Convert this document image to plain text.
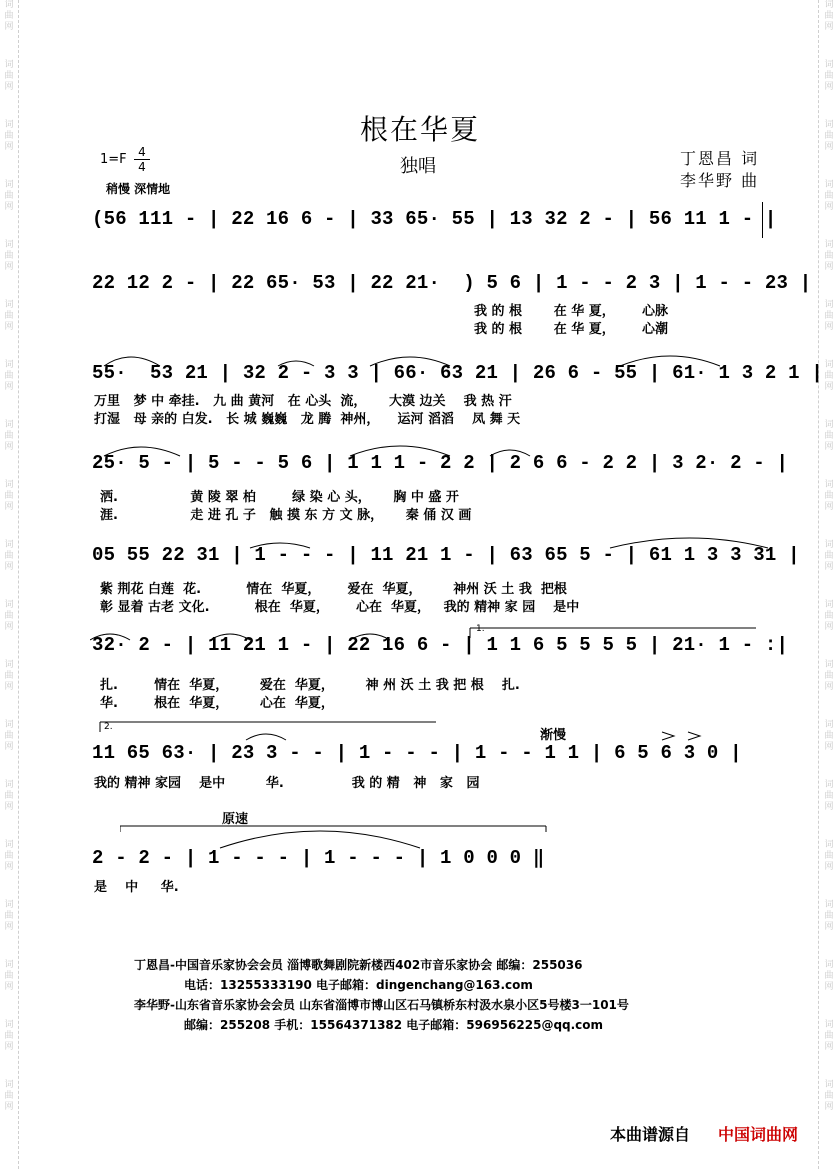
词
曲
网
词
曲
网
词
曲
网
词
曲
网
词
曲
网
词
曲
网
词
曲
网
词
曲
网
词
曲
网
词
曲
网
词
曲
网
词
曲
网
词
曲
网
词
曲
网
词
曲
网
词
曲
网
词
曲
网
词
曲
网
词
曲
网
词
曲
网
词
曲
网
词
曲
网
词
曲
网
词
曲
网
词
曲
网
词
曲
网
词
曲
网
词
曲
网
词
曲
网
词
曲
网
词
曲
网
词
曲
网
词
曲
网
词
曲
网
词
曲
网
词
曲
网
词
曲
网
词
曲
网
根在华夏
$1=F \frac{4}{4}$	独唱
稍慢 深情地
丁恩昌 词
李华野 曲
(56 111 - | 22 16 6 - | 33 65· 55 | 13 32 2 - | 56 11 1 - |
22 12 2 - | 22 65· 53 | 22 21·  ) 5 6 | 1 - - 2 3 | 1 - - 23 |
我 的 根       在 华 夏，      心脉
我 的 根       在 华 夏，      心潮
55·  53 21 | 32 2 - 3 3 | 66· 63 21 | 26 6 - 55 | 61· 1 3 2 1 |
万里   梦 中 牵挂.   九 曲 黄河   在 心头  流，     大漠 边关    我 热 汗
打湿   母 亲的 白发.   长 城 巍巍   龙 腾  神州，    运河 滔滔    凤 舞 天
25· 5 - | 5 - - 5 6 | 1 1 1 - 2 2 | 2 6 6 - 2 2 | 3 2· 2 - |
洒.                黄 陵 翠 柏        绿 染 心 头，     胸 中 盛 开
涯.                走 进 孔 子   触 摸 东 方 文 脉，     秦 俑 汉 画
05 55 22 31 | 1 - - - | 11 21 1 - | 63 65 5 - | 61 1 3 3 31 |
紫 荆花 白莲  花.          情在  华夏，      爱在  华夏，       神州 沃 土 我  把根
彰 显着 古老 文化.          根在  华夏，      心在  华夏，   我的 精神 家 园    是中
1.
32· 2 - | 11 21 1 - | 22 16 6 - | 1 1 6 5 5 5 5 | 21· 1 - :|
扎.        情在  华夏，       爱在  华夏，       神 州 沃 土 我 把 根    扎.
华.        根在  华夏，       心在  华夏，
2.
渐慢
11 65 63· | 23 3 - - | 1 - - - | 1 - - 1 1 | 6 5 6 3 0 |
我的 精神 家园    是中         华.               我 的 精   神   家   园
原速
2 - 2 - | 1 - - - | 1 - - - | 1 0 0 0 ‖
是    中     华.
丁恩昌-中国音乐家协会会员 淄博歌舞剧院新楼西402市音乐家协会 邮编：255036
电话：13255333190 电子邮箱：dingenchang@163.com
李华野-山东省音乐家协会会员 山东省淄博市博山区石马镇桥东村汲水泉小区5号楼3一101号
邮编：255208 手机：15564371382 电子邮箱：596956225@qq.com
本曲谱源自 中国词曲网
